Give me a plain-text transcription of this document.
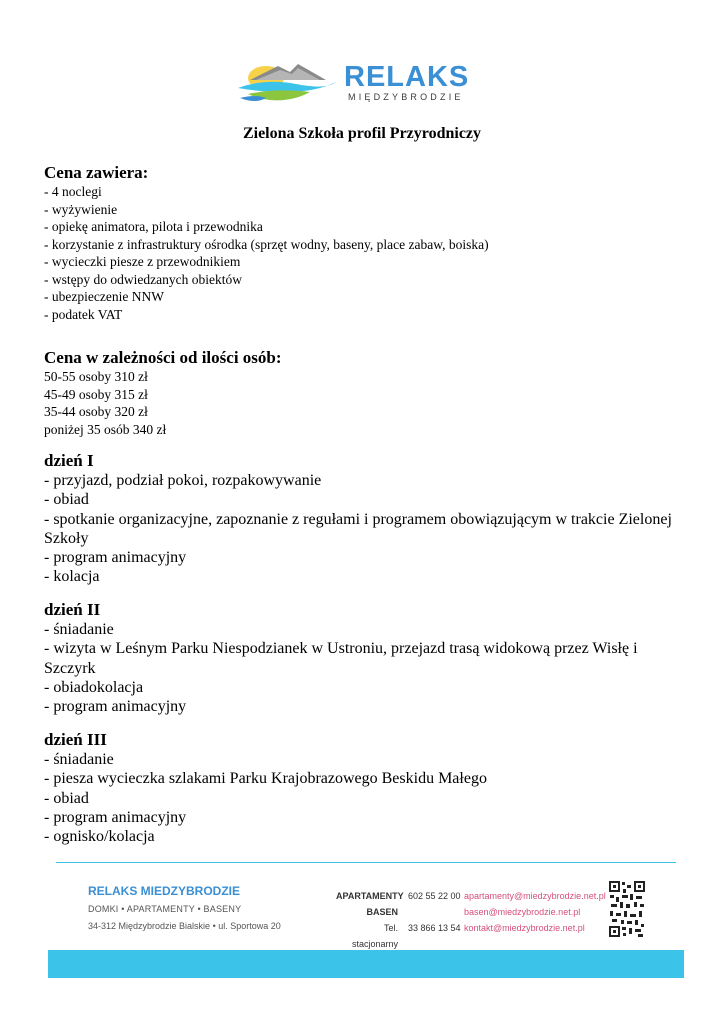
RELAKS
MIĘDZYBRODZIE
Zielona Szkoła profil Przyrodniczy
Cena zawiera:
- 4 noclegi
- wyżywienie
- opiekę animatora, pilota i przewodnika
- korzystanie z infrastruktury ośrodka (sprzęt wodny, baseny, place zabaw, boiska)
- wycieczki piesze z przewodnikiem
- wstępy do odwiedzanych obiektów
- ubezpieczenie NNW
- podatek VAT
Cena w zależności od ilości osób:
50-55 osoby 310 zł
45-49 osoby 315 zł
35-44 osoby 320 zł
poniżej 35 osób 340 zł
dzień I
- przyjazd, podział pokoi, rozpakowywanie
- obiad
- spotkanie organizacyjne, zapoznanie z regułami i programem obowiązującym w trakcie Zielonej Szkoły
- program animacyjny
- kolacja
dzień II
- śniadanie
- wizyta w Leśnym Parku Niespodzianek w Ustroniu, przejazd trasą widokową przez Wisłę i Szczyrk
- obiadokolacja
- program animacyjny
dzień III
- śniadanie
- piesza wycieczka szlakami Parku Krajobrazowego Beskidu Małego
- obiad
- program animacyjny
- ognisko/kolacja
RELAKS MIEDZYBRODZIE
DOMKI • APARTAMENTY • BASENY
34-312 Międzybrodzie Bialskie • ul. Sportowa 20
APARTAMENTY
BASEN
Tel. stacjonarny
602 55 22 00

33 866 13 54
apartamenty@miedzybrodzie.net.pl
basen@miedzybrodzie.net.pl
kontakt@miedzybrodzie.net.pl
